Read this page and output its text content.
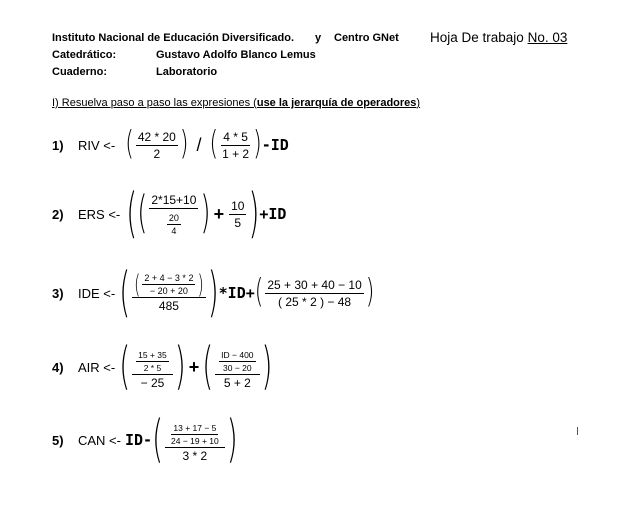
Instituto Nacional de Educación Diversificado. y Centro GNet Hoja De trabajo No. 03
Catedrático:	Gustavo Adolfo Blanco Lemus
Cuaderno:	Laboratorio
I) Resuelva paso a paso las expresiones (use la jerarquía de operadores)
1)	RIV <- ( $\frac{42 * 20}{2}$ ) / ( $\frac{4 * 5}{1 + 2}$ ) -ID
2)	ERS <- ( ( $\frac{2*15+10}{\frac{20}{4}}$ ) + $\frac{10}{5}$ ) +ID
3)	IDE <- ( ( $\frac{2 + 4 - 3 * 2}{- 20 + 20}$ )
485 ) *ID+ ( $\frac{25 + 30 + 40 - 10}{( 25 * 2 ) - 48}$ )
4)	AIR <- ( $\frac{\frac{15 + 35}{2 * 5}}{- 25}$ ) + ( $\frac{\frac{ID - 400}{30 - 20}}{5 + 2}$ )
5)	CAN <- ID- ( $\frac{\frac{13 + 17 - 5}{24 - 19 + 10}}{3 * 2}$ )
